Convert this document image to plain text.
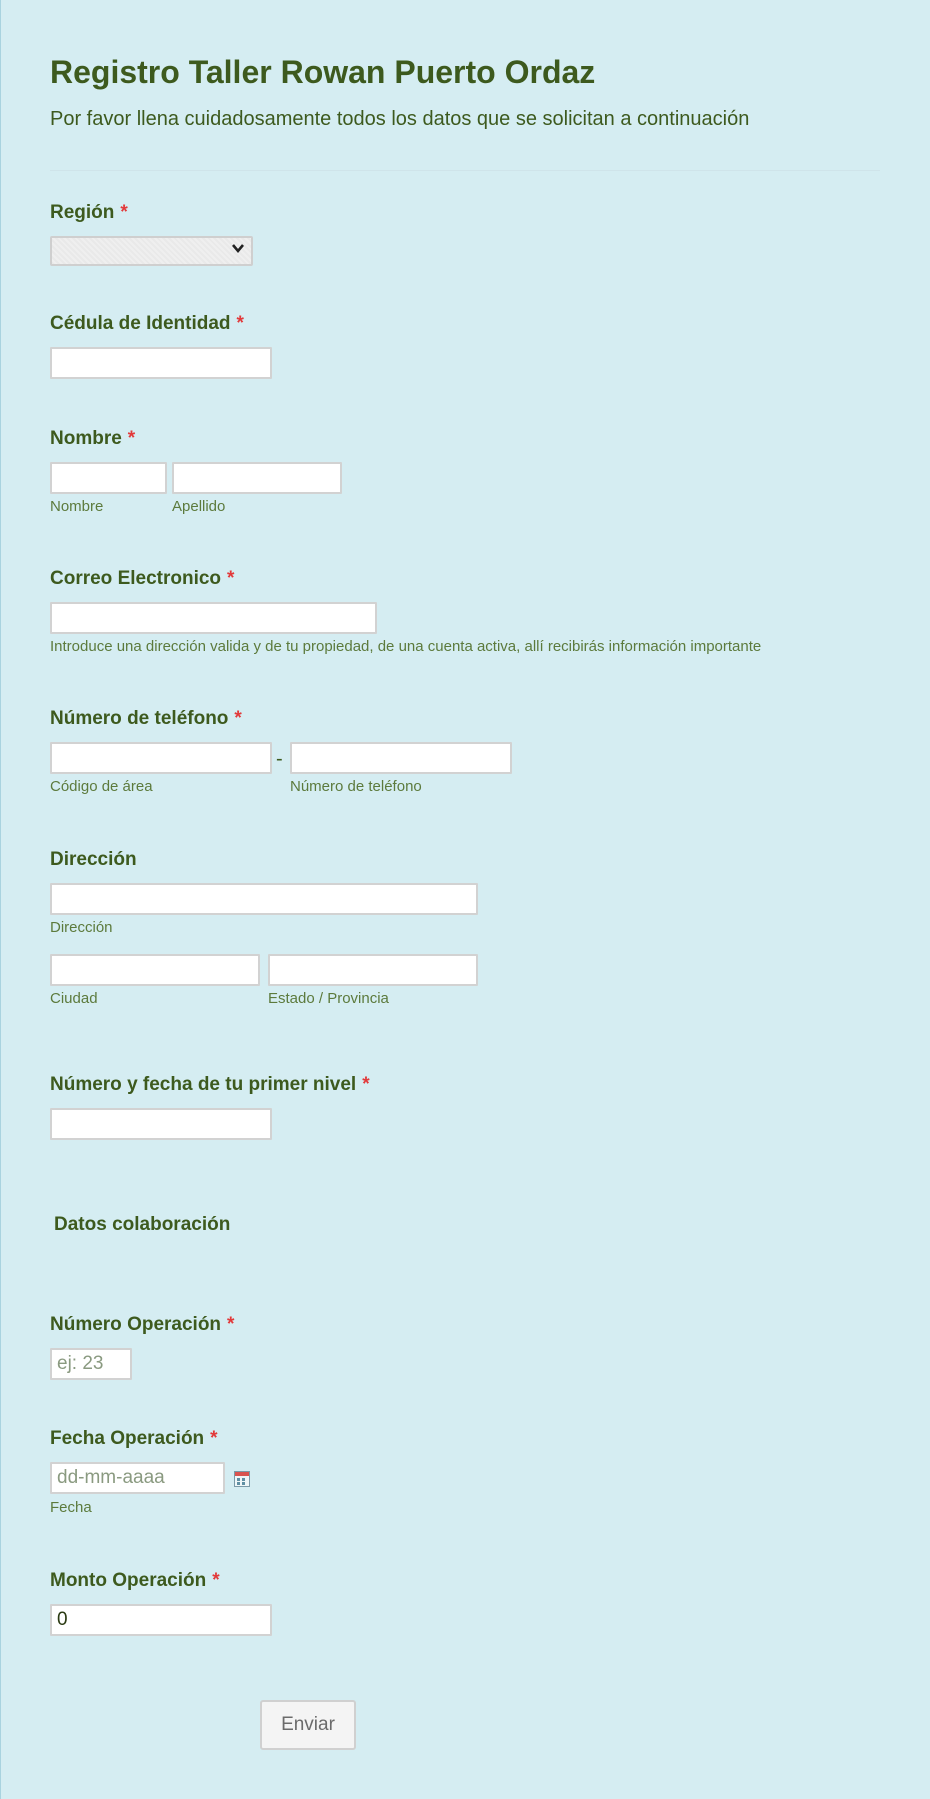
Registro Taller Rowan Puerto Ordaz
Por favor llena cuidadosamente todos los datos que se solicitan a continuación
Región *
Cédula de Identidad *
Nombre *
Nombre	Apellido
Correo Electronico *
Introduce una dirección valida y de tu propiedad, de una cuenta activa, allí recibirás información importante
Número de teléfono *
-
Código de área	Número de teléfono
Dirección
Dirección
Ciudad	Estado / Provincia
Número y fecha de tu primer nivel *
Datos colaboración
Número Operación *
ej: 23
Fecha Operación *
dd-mm-aaaa
Fecha
Monto Operación *
0
Enviar
